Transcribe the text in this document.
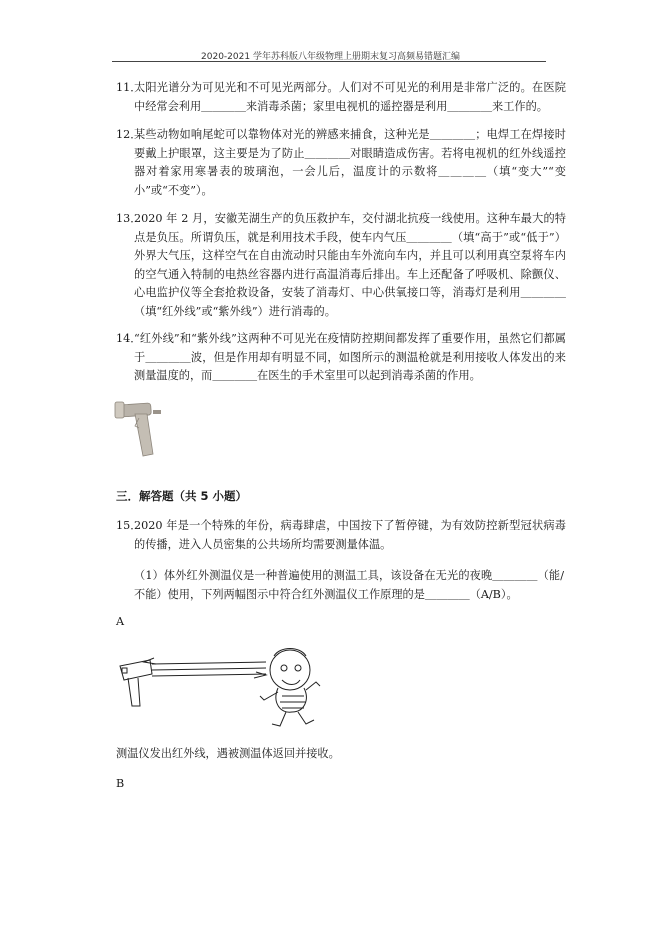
2020-2021 学年苏科版八年级物理上册期末复习高频易错题汇编
11．
太阳光谱分为可见光和不可见光两部分。人们对不可见光的利用是非常广泛的。在医院中经常会利用＿＿＿＿来消毒杀菌；家里电视机的遥控器是利用＿＿＿＿来工作的。
12．
某些动物如响尾蛇可以靠物体对光的辨感来捕食，这种光是＿＿＿＿；电焊工在焊接时要戴上护眼罩，这主要是为了防止＿＿＿＿对眼睛造成伤害。若将电视机的红外线遥控器对着家用寒暑表的玻璃泡，一会儿后，温度计的示数将＿＿＿＿（填“变大”“变小”或“不变”）。
13．
2020 年 2 月，安徽芜湖生产的负压救护车，交付湖北抗疫一线使用。这种车最大的特点是负压。所谓负压，就是利用技术手段，使车内气压＿＿＿＿（填“高于”或“低于”）外界大气压，这样空气在自由流动时只能由车外流向车内，并且可以利用真空泵将车内的空气通入特制的电热丝容器内进行高温消毒后排出。车上还配备了呼吸机、除颤仪、心电监护仪等全套抢救设备，安装了消毒灯、中心供氧接口等，消毒灯是利用＿＿＿＿（填“红外线”或“紫外线”）进行消毒的。
14．
“红外线”和“紫外线”这两种不可见光在疫情防控期间都发挥了重要作用，虽然它们都属于＿＿＿＿波，但是作用却有明显不同，如图所示的测温枪就是利用接收人体发出的来测量温度的，而＿＿＿＿在医生的手术室里可以起到消毒杀菌的作用。
三．解答题（共 5 小题）
15．
2020 年是一个特殊的年份，病毒肆虐，中国按下了暂停键，为有效防控新型冠状病毒的传播，进入人员密集的公共场所均需要测量体温。
（1）体外红外测温仪是一种普遍使用的测温工具，该设备在无光的夜晚＿＿＿＿（能/不能）使用，下列两幅图示中符合红外测温仪工作原理的是＿＿＿＿（A/B）。
A
测温仪发出红外线，遇被测温体返回并接收。
B
